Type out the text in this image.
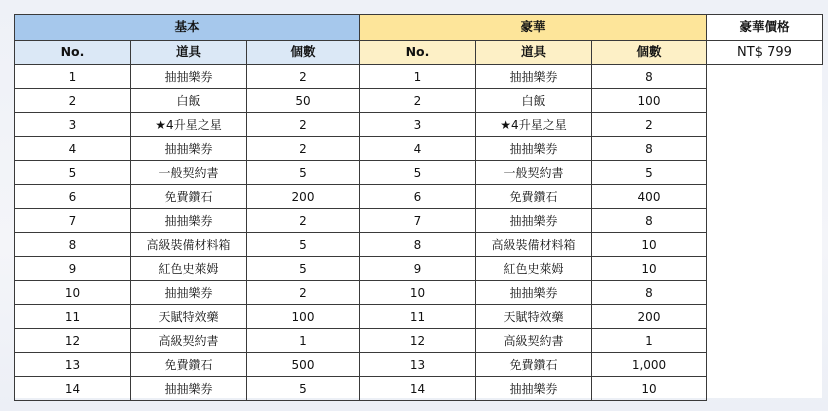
基本			豪華			豪華價格
No.	道具	個數	No.	道具	個數	NT$ 799
1	抽抽樂券	2	1	抽抽樂券	8	
2	白飯	50	2	白飯	100	
3	★4升星之星	2	3	★4升星之星	2	
4	抽抽樂券	2	4	抽抽樂券	8	
5	一般契約書	5	5	一般契約書	5	
6	免費鑽石	200	6	免費鑽石	400	
7	抽抽樂券	2	7	抽抽樂券	8	
8	高級裝備材料箱	5	8	高級裝備材料箱	10	
9	紅色史萊姆	5	9	紅色史萊姆	10	
10	抽抽樂券	2	10	抽抽樂券	8	
11	天賦特效藥	100	11	天賦特效藥	200	
12	高級契約書	1	12	高級契約書	1	
13	免費鑽石	500	13	免費鑽石	1,000	
14	抽抽樂券	5	14	抽抽樂券	10	
